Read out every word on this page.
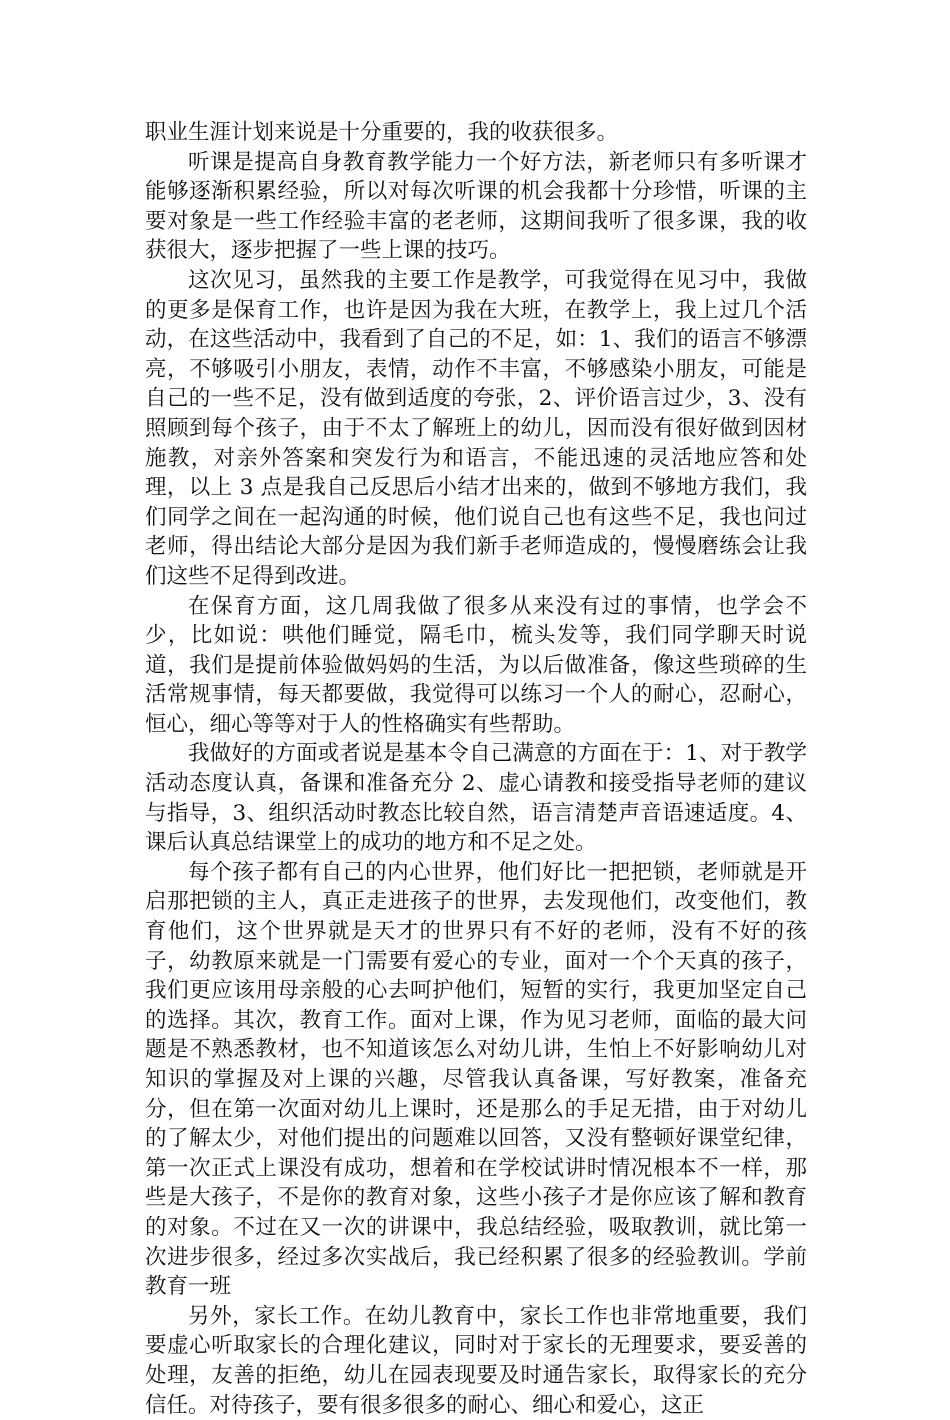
职业生涯计划来说是十分重要的，我的收获很多。

听课是提高自身教育教学能力一个好方法，新老师只有多听课才能够逐渐积累经验，所以对每次听课的机会我都十分珍惜，听课的主要对象是一些工作经验丰富的老老师，这期间我听了很多课，我的收获很大，逐步把握了一些上课的技巧。

这次见习，虽然我的主要工作是教学，可我觉得在见习中，我做的更多是保育工作，也许是因为我在大班，在教学上，我上过几个活动，在这些活动中，我看到了自己的不足，如：1、我们的语言不够漂亮，不够吸引小朋友，表情，动作不丰富，不够感染小朋友，可能是自己的一些不足，没有做到适度的夸张，2、评价语言过少，3、没有照顾到每个孩子，由于不太了解班上的幼儿，因而没有很好做到因材施教，对亲外答案和突发行为和语言，不能迅速的灵活地应答和处理，以上 3 点是我自己反思后小结才出来的，做到不够地方我们，我们同学之间在一起沟通的时候，他们说自己也有这些不足，我也问过老师，得出结论大部分是因为我们新手老师造成的，慢慢磨练会让我们这些不足得到改进。

在保育方面，这几周我做了很多从来没有过的事情，也学会不少，比如说：哄他们睡觉，隔毛巾，梳头发等，我们同学聊天时说道，我们是提前体验做妈妈的生活，为以后做准备，像这些琐碎的生活常规事情，每天都要做，我觉得可以练习一个人的耐心，忍耐心，恒心，细心等等对于人的性格确实有些帮助。

我做好的方面或者说是基本令自己满意的方面在于：1、对于教学活动态度认真，备课和准备充分 2、虚心请教和接受指导老师的建议与指导，3、组织活动时教态比较自然，语言清楚声音语速适度。4、课后认真总结课堂上的成功的地方和不足之处。

每个孩子都有自己的内心世界，他们好比一把把锁，老师就是开启那把锁的主人，真正走进孩子的世界，去发现他们，改变他们，教育他们，这个世界就是天才的世界只有不好的老师，没有不好的孩子，幼教原来就是一门需要有爱心的专业，面对一个个天真的孩子，我们更应该用母亲般的心去呵护他们，短暂的实行，我更加坚定自己的选择。其次，教育工作。面对上课，作为见习老师，面临的最大问题是不熟悉教材，也不知道该怎么对幼儿讲，生怕上不好影响幼儿对知识的掌握及对上课的兴趣，尽管我认真备课，写好教案，准备充分，但在第一次面对幼儿上课时，还是那么的手足无措，由于对幼儿的了解太少，对他们提出的问题难以回答，又没有整顿好课堂纪律，第一次正式上课没有成功，想着和在学校试讲时情况根本不一样，那些是大孩子，不是你的教育对象，这些小孩子才是你应该了解和教育的对象。不过在又一次的讲课中，我总结经验，吸取教训，就比第一次进步很多，经过多次实战后，我已经积累了很多的经验教训。学前教育一班

另外，家长工作。在幼儿教育中，家长工作也非常地重要，我们要虚心听取家长的合理化建议，同时对于家长的无理要求，要妥善的处理，友善的拒绝，幼儿在园表现要及时通告家长，取得家长的充分信任。对待孩子，要有很多很多的耐心、细心和爱心，这正
